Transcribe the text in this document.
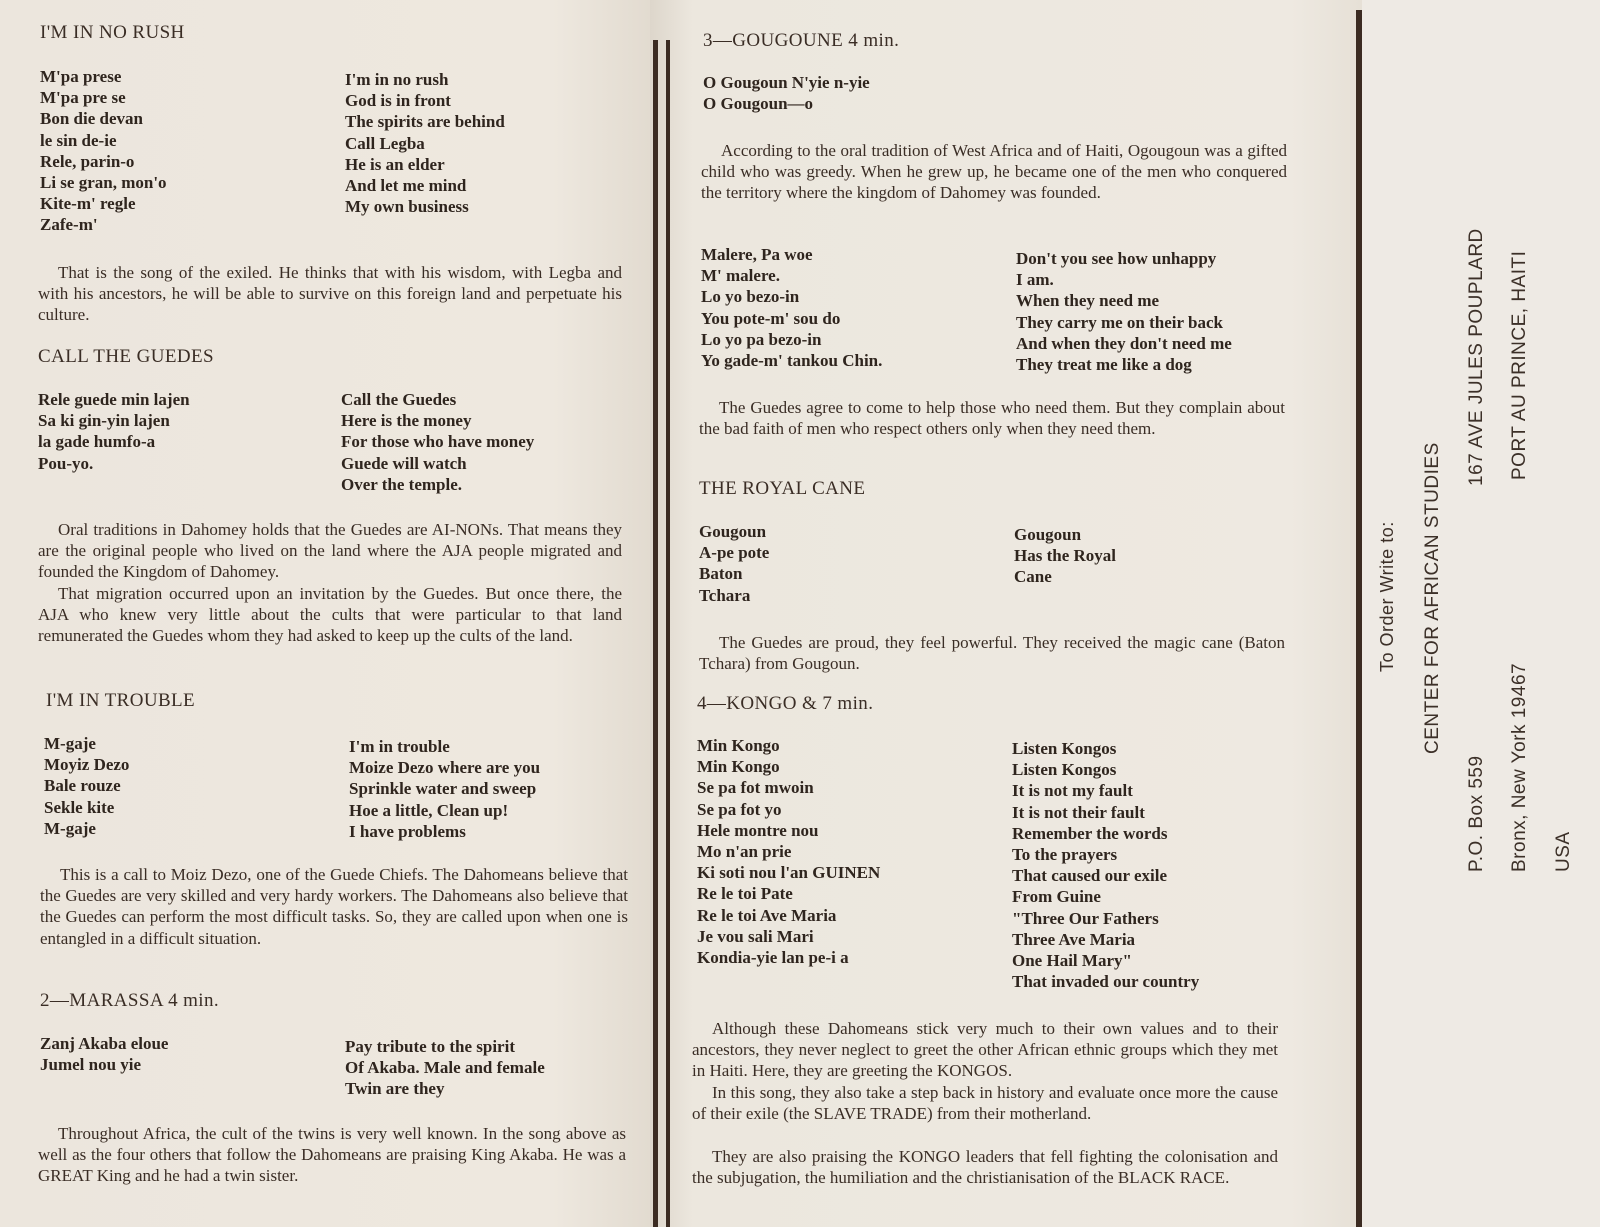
I'M IN NO RUSH
M'pa prese
M'pa pre se
Bon die devan
le sin de-ie
Rele, parin-o
Li se gran, mon'o
Kite-m' regle
Zafe-m'
I'm in no rush
God is in front
The spirits are behind
Call Legba
He is an elder
And let me mind
My own business

That is the song of the exiled. He thinks that with his wisdom, with Legba and with his ancestors, he will be able to survive on this foreign land and perpetuate his culture.

CALL THE GUEDES
Rele guede min lajen
Sa ki gin-yin lajen
la gade humfo-a
Pou-yo.
Call the Guedes
Here is the money
For those who have money
Guede will watch
Over the temple.

Oral traditions in Dahomey holds that the Guedes are AI-NONs. That means they are the original people who lived on the land where the AJA people migrated and founded the Kingdom of Dahomey.

That migration occurred upon an invitation by the Guedes. But once there, the AJA who knew very little about the cults that were particular to that land remunerated the Guedes whom they had asked to keep up the cults of the land.

I'M IN TROUBLE
M-gaje
Moyiz Dezo
Bale rouze
Sekle kite
M-gaje
I'm in trouble
Moize Dezo where are you
Sprinkle water and sweep
Hoe a little, Clean up!
I have problems

This is a call to Moiz Dezo, one of the Guede Chiefs. The Dahomeans believe that the Guedes are very skilled and very hardy workers. The Dahomeans also believe that the Guedes can perform the most difficult tasks. So, they are called upon when one is entangled in a difficult situation.

2—MARASSA 4 min.
Zanj Akaba eloue
Jumel nou yie
Pay tribute to the spirit
Of Akaba. Male and female
Twin are they

Throughout Africa, the cult of the twins is very well known. In the song above as well as the four others that follow the Dahomeans are praising King Akaba. He was a GREAT King and he had a twin sister.

3—GOUGOUNE 4 min.
O Gougoun N'yie n-yie
O Gougoun—o

According to the oral tradition of West Africa and of Haiti, Ogougoun was a gifted child who was greedy. When he grew up, he became one of the men who conquered the territory where the kingdom of Dahomey was founded.

Malere, Pa woe
M' malere.
Lo yo bezo-in
You pote-m' sou do
Lo yo pa bezo-in
Yo gade-m' tankou Chin.
Don't you see how unhappy
I am.
When they need me
They carry me on their back
And when they don't need me
They treat me like a dog

The Guedes agree to come to help those who need them. But they complain about the bad faith of men who respect others only when they need them.

THE ROYAL CANE
Gougoun
A-pe pote
Baton
Tchara
Gougoun
Has the Royal
Cane

The Guedes are proud, they feel powerful. They received the magic cane (Baton Tchara) from Gougoun.

4—KONGO & 7 min.
Min Kongo
Min Kongo
Se pa fot mwoin
Se pa fot yo
Hele montre nou
Mo n'an prie
Ki soti nou l'an GUINEN
Re le toi Pate
Re le toi Ave Maria
Je vou sali Mari
Kondia-yie lan pe-i a
Listen Kongos
Listen Kongos
It is not my fault
It is not their fault
Remember the words
To the prayers
That caused our exile
From Guine
"Three Our Fathers
Three Ave Maria
One Hail Mary"
That invaded our country

Although these Dahomeans stick very much to their own values and to their ancestors, they never neglect to greet the other African ethnic groups which they met in Haiti. Here, they are greeting the KONGOS.

In this song, they also take a step back in history and evaluate once more the cause of their exile (the SLAVE TRADE) from their motherland.

They are also praising the KONGO leaders that fell fighting the colonisation and the subjugation, the humiliation and the christianisation of the BLACK RACE.

To Order Write to: CENTER FOR AFRICAN STUDIES
167 AVE JULES POUPLARD PORT AU PRINCE, HAITI
P.O. Box 559 Bronx, New York 19467 USA
